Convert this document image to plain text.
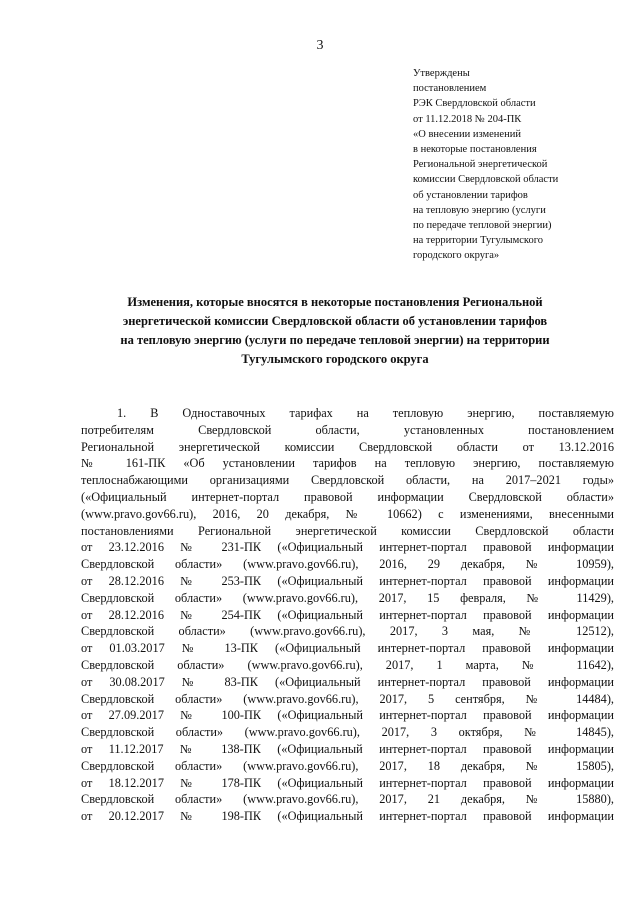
3
Утверждены
постановлением
РЭК Свердловской области
от 11.12.2018 № 204-ПК
«О внесении изменений
в некоторые постановления
Региональной энергетической
комиссии Свердловской области
об установлении тарифов
на тепловую энергию (услуги
по передаче тепловой энергии)
на территории Тугулымского
городского округа»
Изменения, которые вносятся в некоторые постановления Региональной
энергетической комиссии Свердловской области об установлении тарифов
на тепловую энергию (услуги по передаче тепловой энергии) на территории
Тугулымского городского округа
1. В Одноставочных тарифах на тепловую энергию, поставляемую
потребителям Свердловской области, установленных постановлением
Региональной энергетической комиссии Свердловской области от 13.12.2016
№ 161-ПК «Об установлении тарифов на тепловую энергию, поставляемую
теплоснабжающими организациями Свердловской области, на 2017–2021 годы»
(«Официальный интернет-портал правовой информации Свердловской области»
(www.pravo.gov66.ru), 2016, 20 декабря, № 10662) с изменениями, внесенными
постановлениями Региональной энергетической комиссии Свердловской области
от 23.12.2016 № 231-ПК («Официальный интернет-портал правовой информации
Свердловской области» (www.pravo.gov66.ru), 2016, 29 декабря, № 10959),
от 28.12.2016 № 253-ПК («Официальный интернет-портал правовой информации
Свердловской области» (www.pravo.gov66.ru), 2017, 15 февраля, № 11429),
от 28.12.2016 № 254-ПК («Официальный интернет-портал правовой информации
Свердловской области» (www.pravo.gov66.ru), 2017, 3 мая, № 12512),
от 01.03.2017 № 13-ПК («Официальный интернет-портал правовой информации
Свердловской области» (www.pravo.gov66.ru), 2017, 1 марта, № 11642),
от 30.08.2017 № 83-ПК («Официальный интернет-портал правовой информации
Свердловской области» (www.pravo.gov66.ru), 2017, 5 сентября, № 14484),
от 27.09.2017 № 100-ПК («Официальный интернет-портал правовой информации
Свердловской области» (www.pravo.gov66.ru), 2017, 3 октября, № 14845),
от 11.12.2017 № 138-ПК («Официальный интернет-портал правовой информации
Свердловской области» (www.pravo.gov66.ru), 2017, 18 декабря, № 15805),
от 18.12.2017 № 178-ПК («Официальный интернет-портал правовой информации
Свердловской области» (www.pravo.gov66.ru), 2017, 21 декабря, № 15880),
от 20.12.2017 № 198-ПК («Официальный интернет-портал правовой информации
